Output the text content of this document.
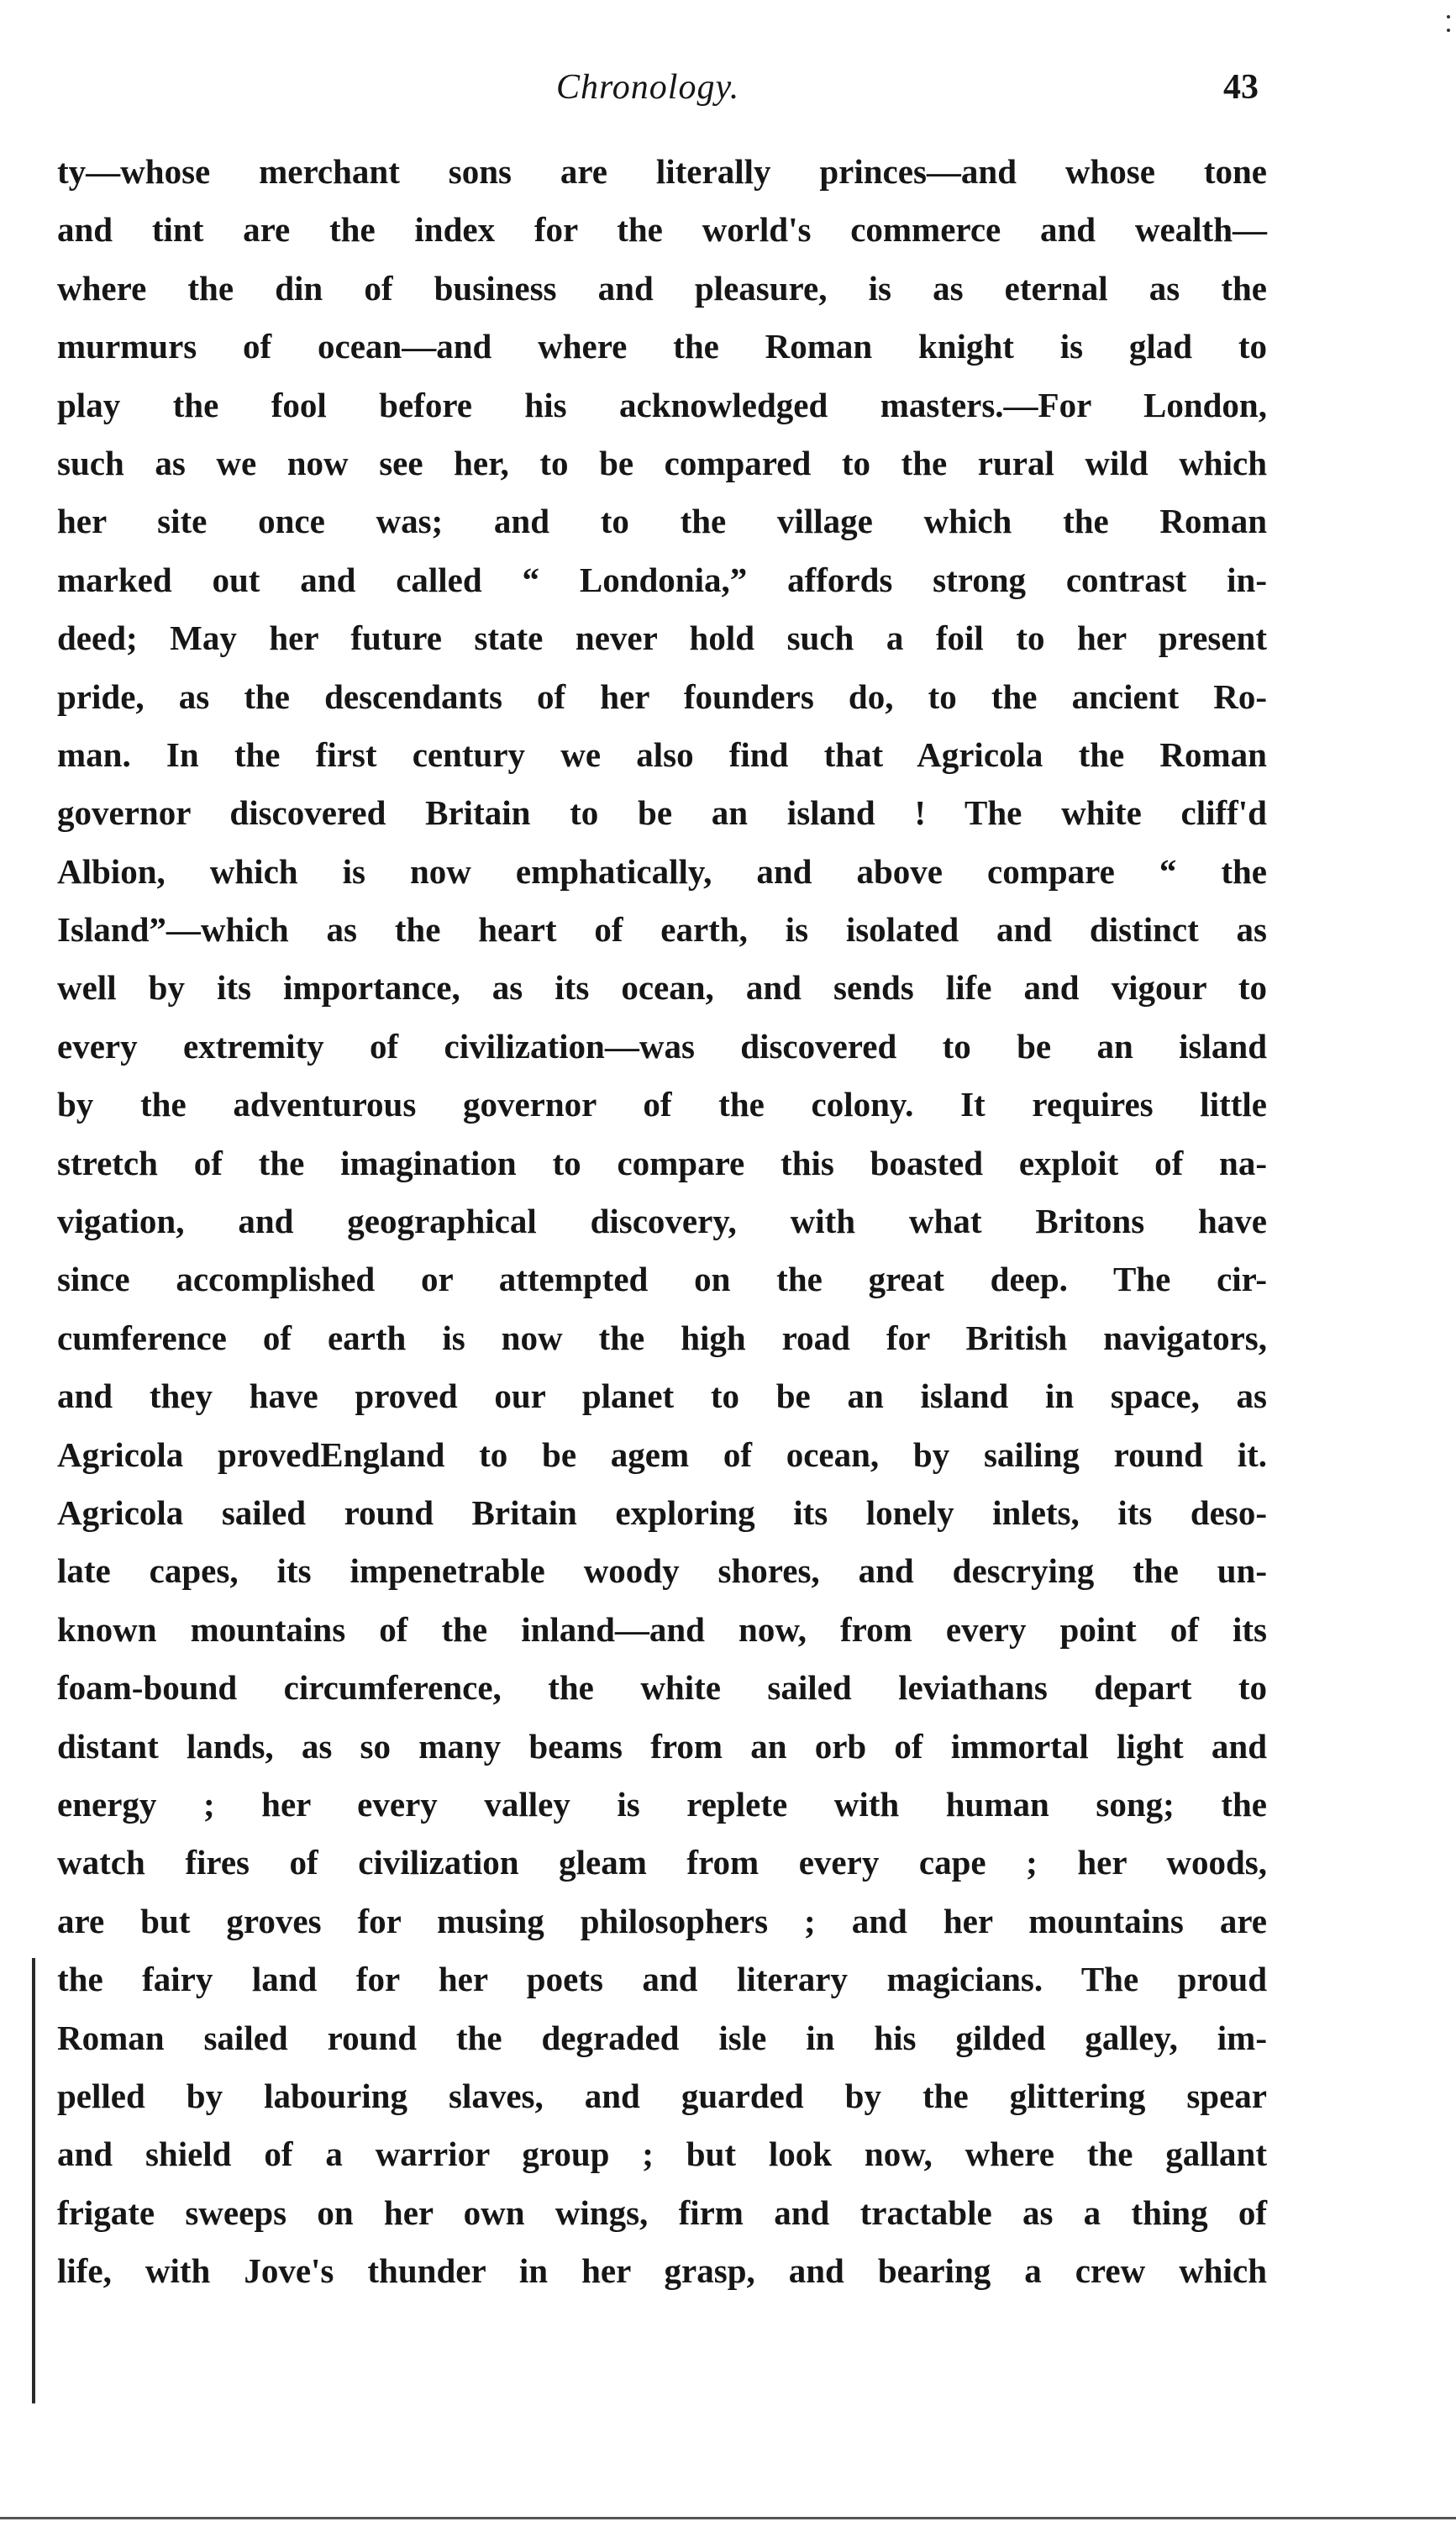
Chronology.	43
ty—whose merchant sons are literally princes—and whose tone
and tint are the index for the world's commerce and wealth—
where the din of business and pleasure, is as eternal as the
murmurs of ocean—and where the Roman knight is glad to
play the fool before his acknowledged masters.—For London,
such as we now see her, to be compared to the rural wild which
her site once was; and to the village which the Roman
marked out and called “ Londonia,” affords strong contrast in-
deed; May her future state never hold such a foil to her present
pride, as the descendants of her founders do, to the ancient Ro-
man. In the first century we also find that Agricola the Roman
governor discovered Britain to be an island ! The white cliff'd
Albion, which is now emphatically, and above compare “ the
Island”—which as the heart of earth, is isolated and distinct as
well by its importance, as its ocean, and sends life and vigour to
every extremity of civilization—was discovered to be an island
by the adventurous governor of the colony. It requires little
stretch of the imagination to compare this boasted exploit of na-
vigation, and geographical discovery, with what Britons have
since accomplished or attempted on the great deep. The cir-
cumference of earth is now the high road for British navigators,
and they have proved our planet to be an island in space, as
Agricola provedEngland to be agem of ocean, by sailing round it.
Agricola sailed round Britain exploring its lonely inlets, its deso-
late capes, its impenetrable woody shores, and descrying the un-
known mountains of the inland—and now, from every point of its
foam-bound circumference, the white sailed leviathans depart to
distant lands, as so many beams from an orb of immortal light and
energy ; her every valley is replete with human song; the
watch fires of civilization gleam from every cape ; her woods,
are but groves for musing philosophers ; and her mountains are
the fairy land for her poets and literary magicians. The proud
Roman sailed round the degraded isle in his gilded galley, im-
pelled by labouring slaves, and guarded by the glittering spear
and shield of a warrior group ; but look now, where the gallant
frigate sweeps on her own wings, firm and tractable as a thing of
life, with Jove's thunder in her grasp, and bearing a crew which
